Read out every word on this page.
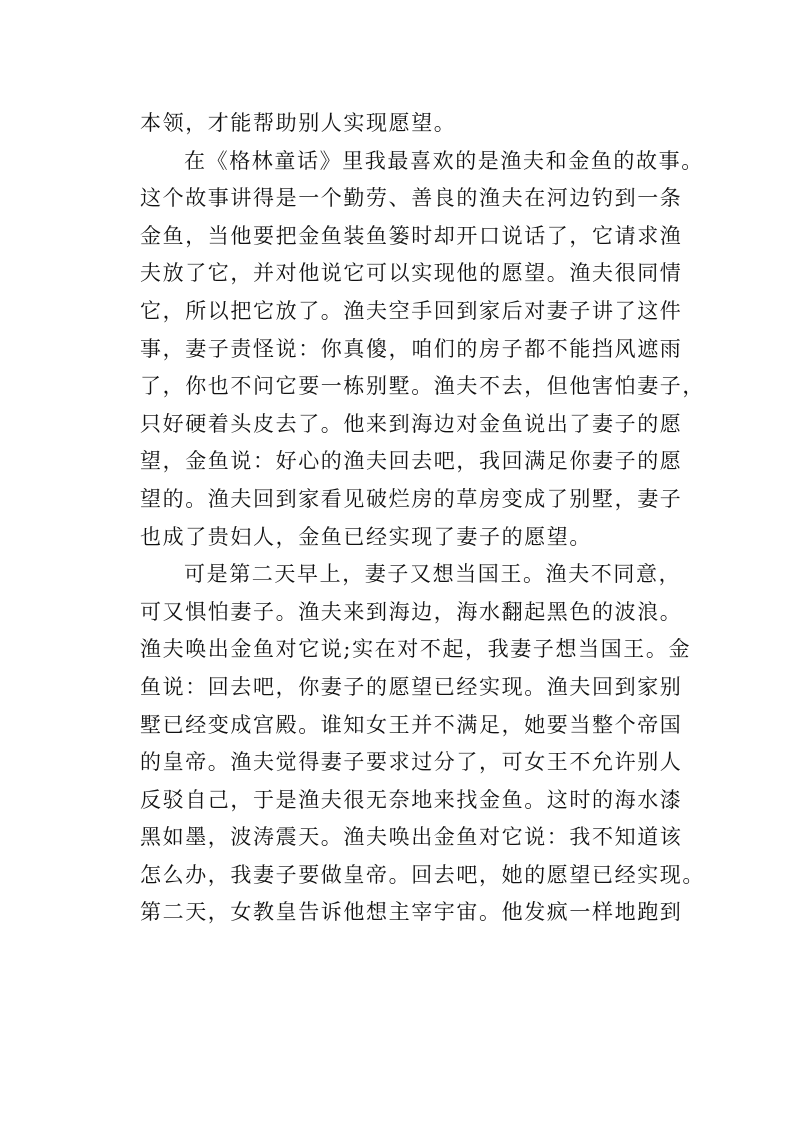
本领，才能帮助别人实现愿望。
在《格林童话》里我最喜欢的是渔夫和金鱼的故事。
这个故事讲得是一个勤劳、善良的渔夫在河边钓到一条
金鱼，当他要把金鱼装鱼篓时却开口说话了，它请求渔
夫放了它，并对他说它可以实现他的愿望。渔夫很同情
它，所以把它放了。渔夫空手回到家后对妻子讲了这件
事，妻子责怪说：你真傻，咱们的房子都不能挡风遮雨
了，你也不问它要一栋别墅。渔夫不去，但他害怕妻子，
只好硬着头皮去了。他来到海边对金鱼说出了妻子的愿
望，金鱼说：好心的渔夫回去吧，我回满足你妻子的愿
望的。渔夫回到家看见破烂房的草房变成了别墅，妻子
也成了贵妇人，金鱼已经实现了妻子的愿望。
可是第二天早上，妻子又想当国王。渔夫不同意，
可又惧怕妻子。渔夫来到海边，海水翻起黑色的波浪。
渔夫唤出金鱼对它说;实在对不起，我妻子想当国王。金
鱼说：回去吧，你妻子的愿望已经实现。渔夫回到家别
墅已经变成宫殿。谁知女王并不满足，她要当整个帝国
的皇帝。渔夫觉得妻子要求过分了，可女王不允许别人
反驳自己，于是渔夫很无奈地来找金鱼。这时的海水漆
黑如墨，波涛震天。渔夫唤出金鱼对它说：我不知道该
怎么办，我妻子要做皇帝。回去吧，她的愿望已经实现。
第二天，女教皇告诉他想主宰宇宙。他发疯一样地跑到
